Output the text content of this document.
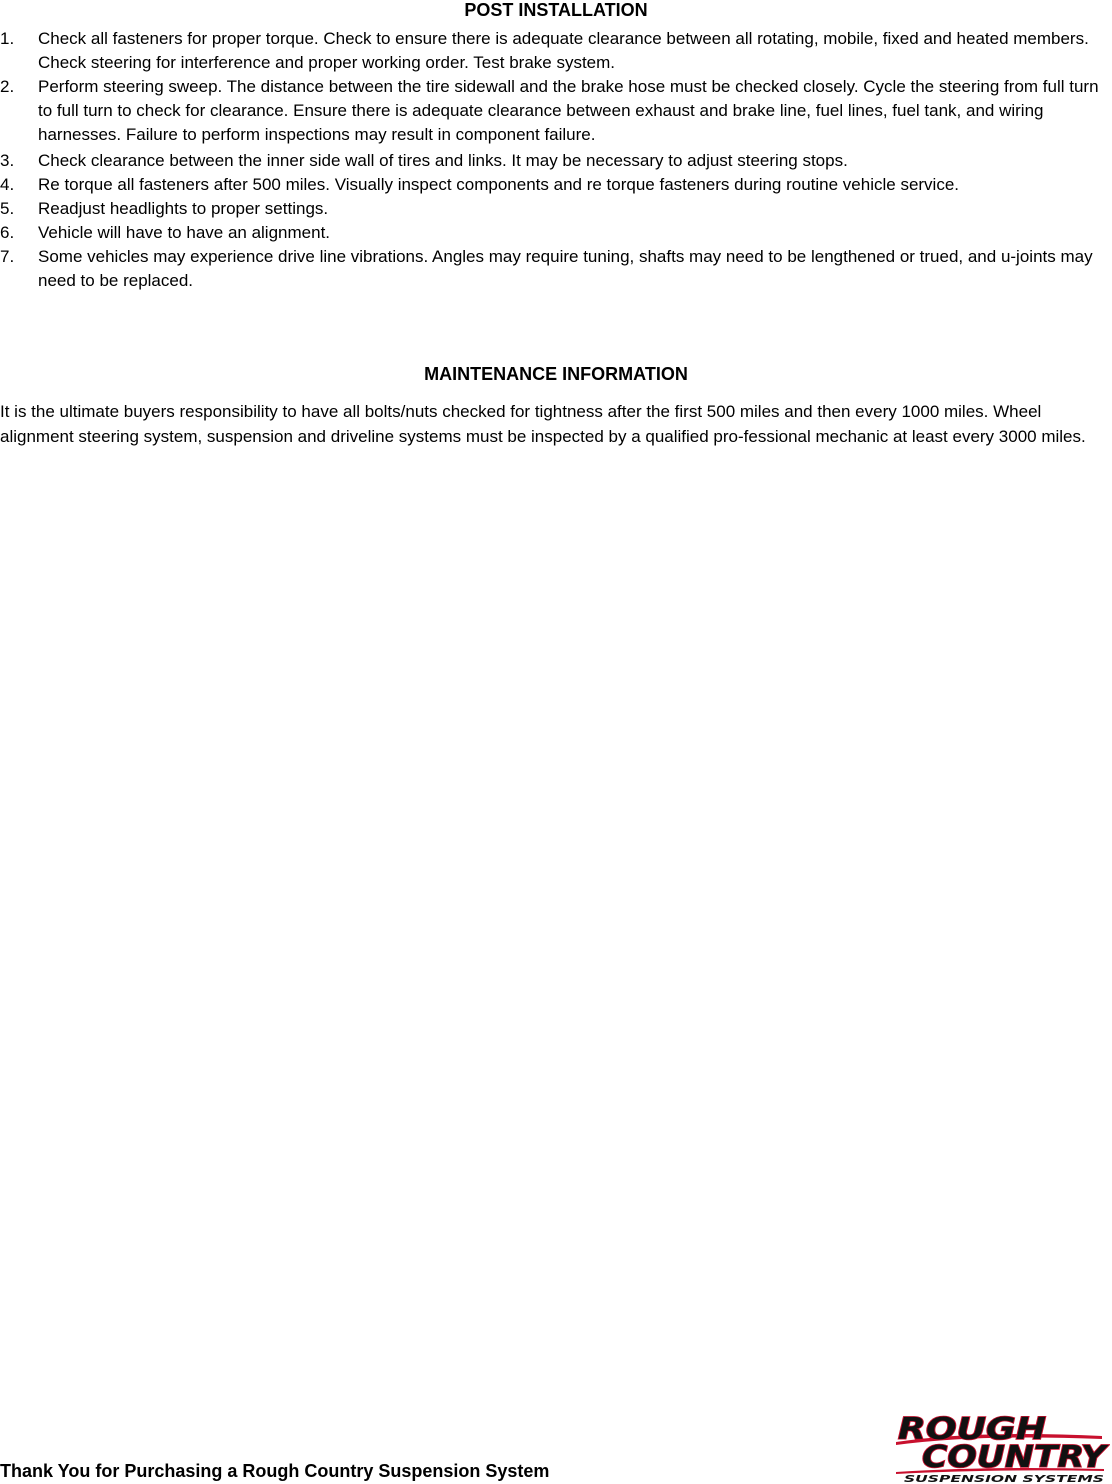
POST INSTALLATION
1. Check all fasteners for proper torque. Check to ensure there is adequate clearance between all rotating, mobile, fixed and heated members. Check steering for interference and proper working order. Test brake system.
2. Perform steering sweep. The distance between the tire sidewall and the brake hose must be checked closely. Cycle the steering from full turn to full turn to check for clearance. Ensure there is adequate clearance between exhaust and brake line, fuel lines, fuel tank, and wiring harnesses. Failure to perform inspections may result in component failure.
3. Check clearance between the inner side wall of tires and links. It may be necessary to adjust steering stops.
4. Re torque all fasteners after 500 miles. Visually inspect components and re torque fasteners during routine vehicle service.
5. Readjust headlights to proper settings.
6. Vehicle will have to have an alignment.
7. Some vehicles may experience drive line vibrations. Angles may require tuning, shafts may need to be lengthened or trued, and u-joints may need to be replaced.
MAINTENANCE INFORMATION

It is the ultimate buyers responsibility to have all bolts/nuts checked for tightness after the first 500 miles and then every 1000 miles. Wheel alignment steering system, suspension and driveline systems must be inspected by a qualified pro-fessional mechanic at least every 3000 miles.

Thank You for Purchasing a Rough Country Suspension System

ROUGH
COUNTRY
SUSPENSION SYSTEMS
